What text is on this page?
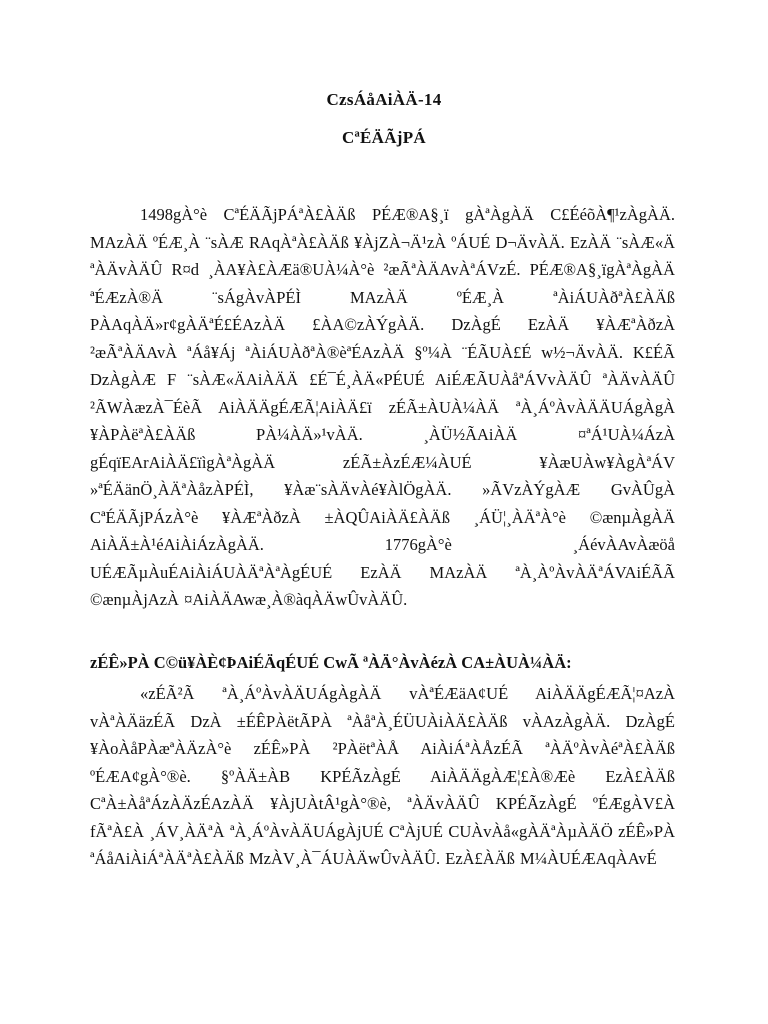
CzsÁåAiÀÄ-14
CªÉÄÃjPÁ
1498gÀ°è CªÉÄÃjPÁªÀ£ÀÄß PÉÆ®A§¸ï gÀªÀgÀÄ C£ÉéõÀ¶¹zÀgÀÄ. MAzÀÄ ºÉÆ¸À ¨sÀÆ RAqÀªÀ£ÀÄß ¥ÀjZÀ¬Ä¹zÀ ºÁUÉ D¬ÄvÀÄ. EzÀÄ ¨sÀÆ«Ä ªÀÄvÀÄÛ R¤d ¸ÀA¥À£ÀÆä®UÀ¼À°è ²æÃªÀÄAvÀªÁVzÉ. PÉÆ®A§¸ïgÀªÀgÀÄ ªÉÆzÀ®Ä ¨sÁgÀvÀPÉÌ MAzÀÄ ºÉÆ¸À ªÀiÁUÀðªÀ£ÀÄß PÀAqÀÄ»r¢gÀÄªÉ£ÉAzÀÄ £ÀA©zÀÝgÀÄ. DzÀgÉ EzÀÄ ¥ÀÆªÀðzÀ ²æÃªÀÄAvÀ ªÁå¥Áj ªÀiÁUÀðªÀ®èªÉAzÀÄ §º¼À ¨ÉÃUÀ£É w½¬ÄvÀÄ. K£ÉÃ DzÀgÀÆ F ¨sÀÆ«ÄAiÀÄÄ £É¯É¸ÀÄ«PÉUÉ AiÉÆÃUÀåªÁVvÀÄÛ ªÀÄvÀÄÛ ²ÃWÀæzÀ¯ÉèÃ AiÀÄÄgÉÆÃ¦AiÀÄ£ï zÉÃ±ÀUÀ¼ÀÄ ªÀ¸ÁºÀvÀÄÄUÁgÀgÀ ¥ÀPÀëªÀ£ÀÄß PÀ¼ÀÄ»¹vÀÄ. ¸ÀÜ½ÃAiÀÄ ¤ªÁ¹UÀ¼ÁzÀ gÉqïEArAiÀÄ£ïìgÀªÀgÀÄ zÉÃ±ÀzÉÆ¼ÀUÉ ¥ÀæUÀw¥ÀgÀªÁV »ªÉÄänÖ¸ÀÄªÀåzÀPÉÌ, ¥Àæ¨sÀÄvÀé¥ÀlÖgÀÄ. »ÃVzÀÝgÀÆ GvÀÛgÀ CªÉÄÃjPÁzÀ°è ¥ÀÆªÀðzÀ ±ÀQÛAiÀÄ£ÀÄß ¸ÁÜ¦¸ÀÄªÀ°è ©ænµÀgÀÄ AiÀÄ±À¹éAiÀiÁzÀgÀÄ. 1776gÀ°è ¸ÁévÀAvÀæöå UÉÆÃµÀuÉAiÀiÁUÀÄªÀªÀgÉUÉ EzÀÄ MAzÀÄ ªÀ¸ÀºÀvÀÄªÁVAiÉÃÃ ©ænµÀjAzÀ ¤AiÀÄAwæ¸À®àqÀÄwÛvÀÄÛ.
zÉÊ»PÀ C©ü¥ÀÈ¢ÞAiÉÄqÉUÉ CwÃ ªÀÄ°ÀvÀézÀ CA±ÀUÀ¼ÀÄ:
«zÉÃ²Ã ªÀ¸ÁºÀvÀÄUÁgÀgÀÄ vÀªÉÆäA¢UÉ AiÀÄÄgÉÆÃ¦¤AzÀ vÀªÀÄäzÉÃ DzÀ ±ÉÊPÀëtÃPÀ ªÀåªÀ¸ÉÜUÀiÀÄ£ÀÄß vÀAzÀgÀÄ. DzÀgÉ ¥ÀoÀåPÀæªÀÄzÀ°è zÉÊ»PÀ ²PÀëtªÀÅ AiÀiÁªÀÅzÉÃ ªÀÄºÀvÀéªÀ£ÀÄß ºÉÆA¢gÀ°®è. §ºÀÄ±ÀB KPÉÃzÀgÉ AiÀÄÄgÀÆ¦£À®Æè EzÀ£ÀÄß CªÀ±ÀåªÁzÀÄzÉAzÀÄ ¥ÀjUÀtÂ¹gÀ°®è, ªÀÄvÀÄÛ KPÉÃzÀgÉ ºÉÆgÀV£À fÃªÀ£À ¸ÁV¸ÀÄªÀ ªÀ¸ÁºÀvÀÄUÁgÀjUÉ CªÀjUÉ CUÀvÀå«gÀÄªÀµÀÄÖ zÉÊ»PÀ ªÁåAiÀiÁªÀÄªÀ£ÀÄß MzÀV¸À¯ÁUÀÄwÛvÀÄÛ. EzÀ£ÀÄß M¼ÀUÉÆAqÀAvÉ
